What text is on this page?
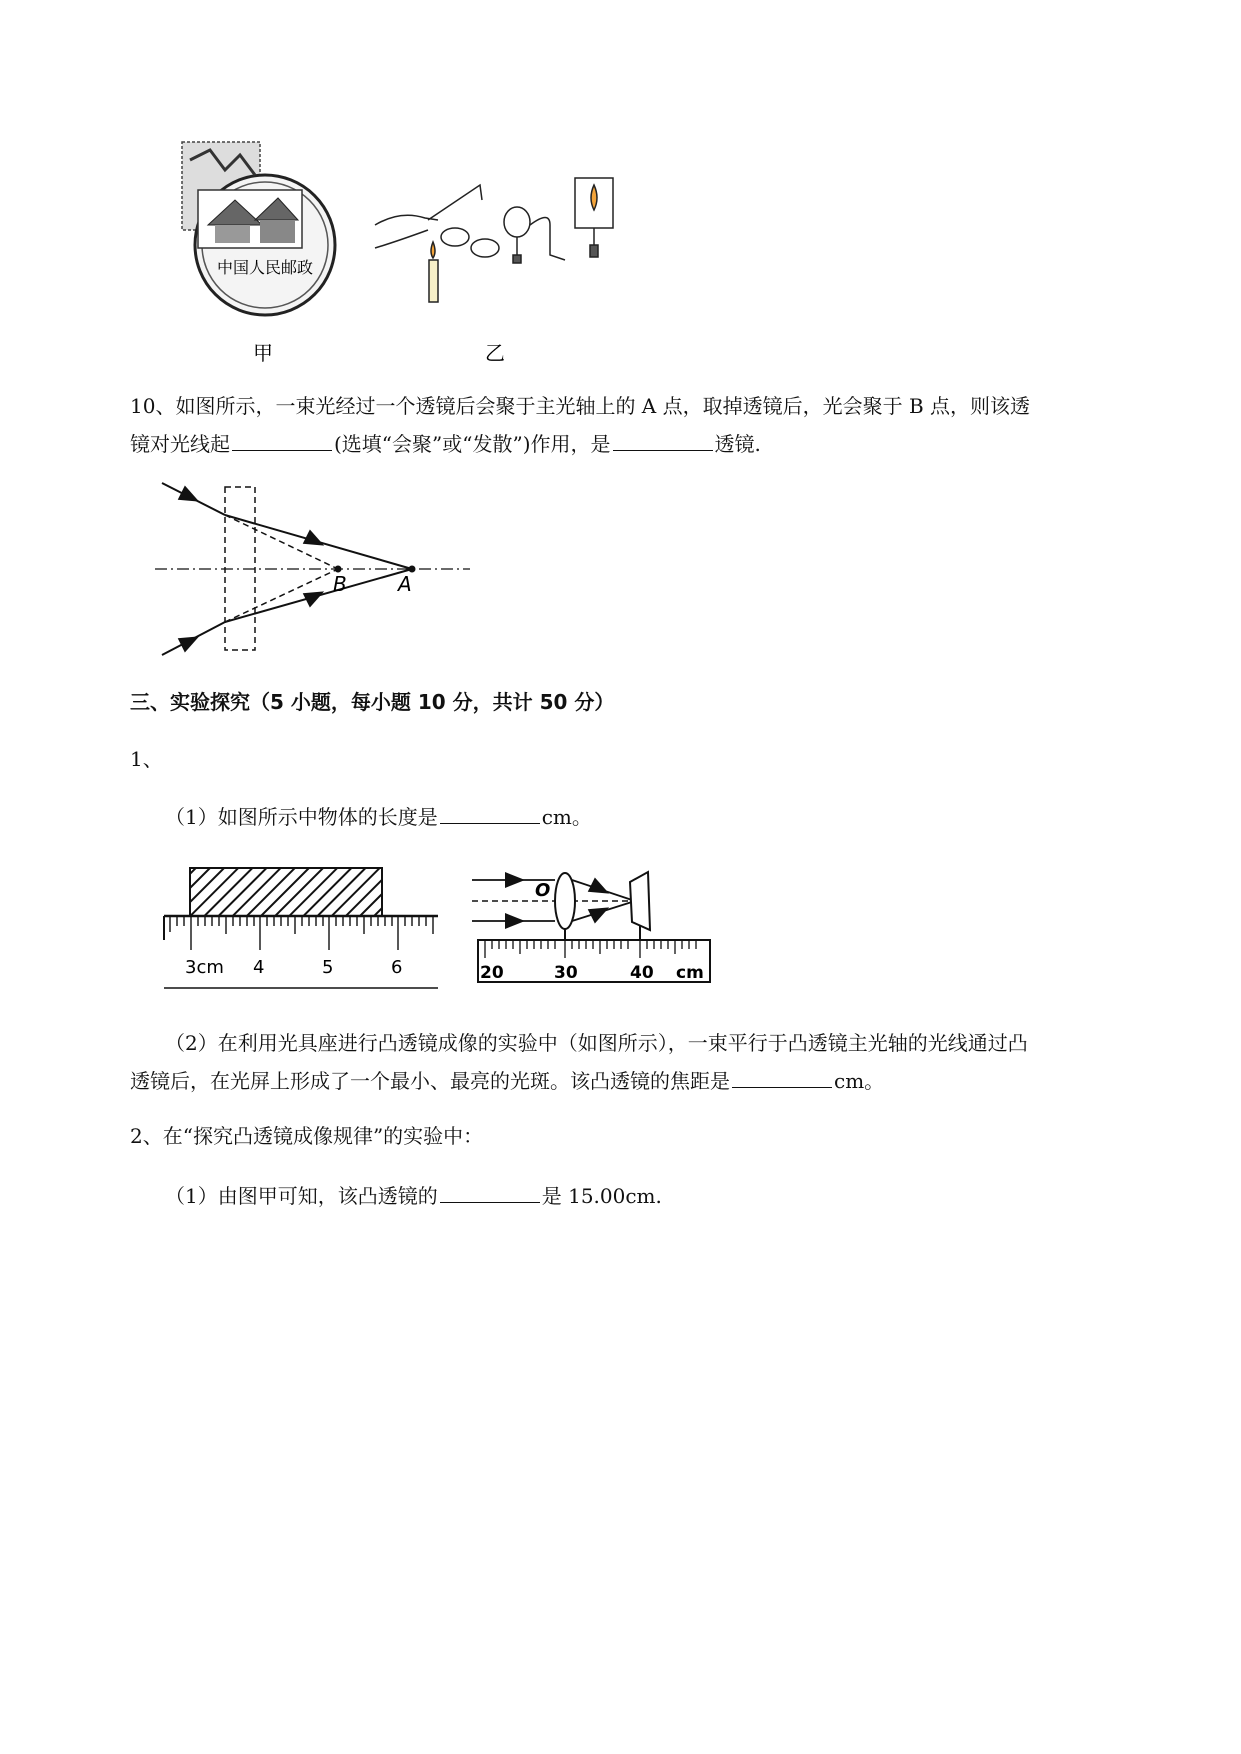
中国人民邮政
甲	乙
10、如图所示，一束光经过一个透镜后会聚于主光轴上的 A 点，取掉透镜后，光会聚于 B 点，则该透
镜对光线起	(选填“会聚”或“发散”)作用，是	透镜.
B	A
三、实验探究（5 小题，每小题 10 分，共计 50 分）
1、
（1）如图所示中物体的长度是	cm。
3cm 4	5	6
O
20	30	40 cm
（2）在利用光具座进行凸透镜成像的实验中（如图所示），一束平行于凸透镜主光轴的光线通过凸
透镜后，在光屏上形成了一个最小、最亮的光斑。该凸透镜的焦距是	cm。
2、在“探究凸透镜成像规律”的实验中：
（1）由图甲可知，该凸透镜的	是 15.00cm.
